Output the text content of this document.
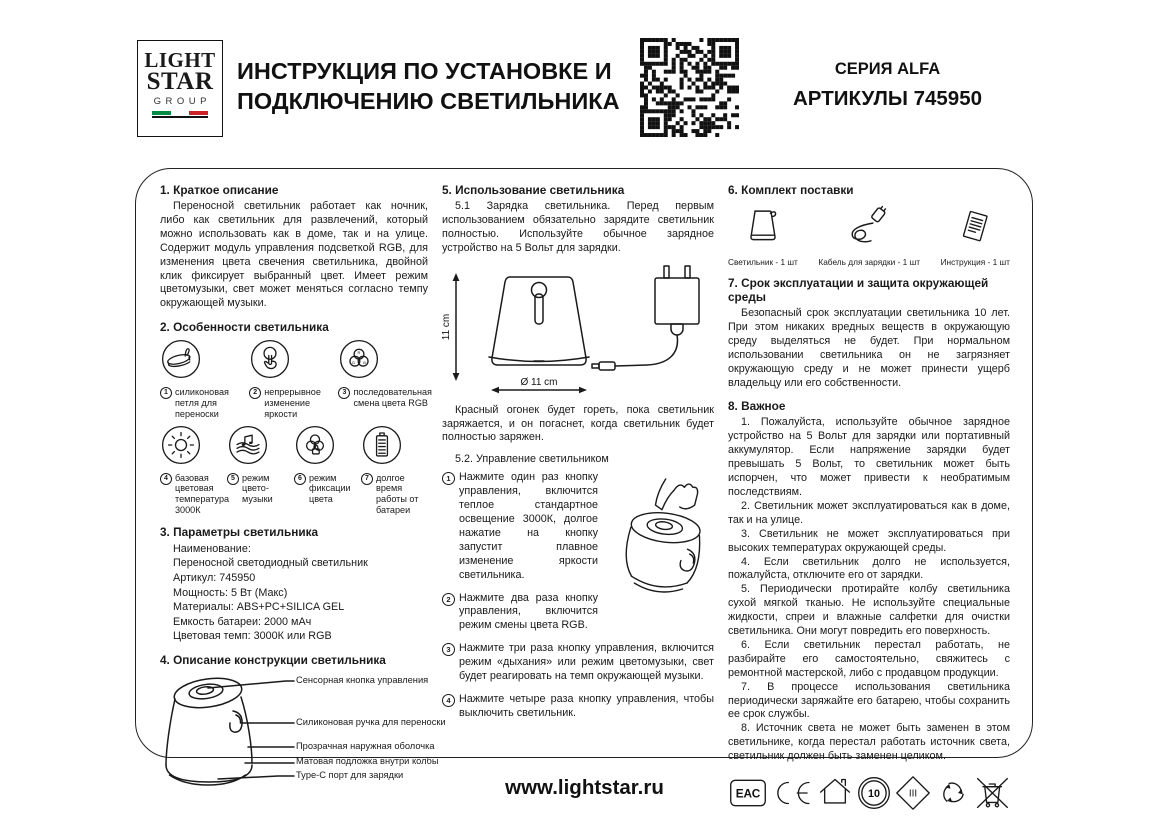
LIGHT
STAR
GROUP
ИНСТРУКЦИЯ ПО УСТАНОВКЕ И
ПОДКЛЮЧЕНИЮ СВЕТИЛЬНИКА
СЕРИЯ ALFA
АРТИКУЛЫ 745950
1. Краткое описание
Переносной светильник работает как ночник, либо как светильник для развлечений, который можно использовать как в доме, так и на улице. Содержит модуль управления подсветкой RGB, для изменения цвета свечения светильника, двойной клик фиксирует выбранный цвет. Имеет режим цветомузыки, свет может меняться согласно темпу окружающей музыки.
2. Особенности светильника
1 силиконовая петля для переноски
2 непрерывное изменение яркости
R
G B
3 последовательная смена цвета RGB
4 базовая цветовая температура 3000К
5 режим цвето-музыки
6 режим фиксации цвета
7 долгое время работы от батареи
3. Параметры светильника
Наименование:
Переносной светодиодный светильник
Артикул: 745950
Мощность: 5 Вт (Макс)
Материалы: ABS+PC+SILICA GEL
Емкость батареи: 2000 мАч
Цветовая темп: 3000К или RGB
4. Описание конструкции светильника
Сенсорная кнопка управления
Силиконовая ручка для переноски
Прозрачная наружная оболочка
Матовая подложка внутри колбы
Type-C порт для зарядки
5. Использование светильника
5.1 Зарядка светильника. Перед первым использованием обязательно зарядите светильник полностью. Используйте обычное зарядное устройство на 5 Вольт для зарядки.
11 cm
Ø 11 cm
Красный огонек будет гореть, пока светильник заряжается, и он погаснет, когда светильник будет полностью заряжен.
5.2. Управление светильником
1 Нажмите один раз кнопку управления, включится теплое стандартное освещение 3000К, долгое нажатие на кнопку запустит плавное изменение яркости светильника.
2 Нажмите два раза кнопку управления, включится режим смены цвета RGB.
3 Нажмите три раза кнопку управления, включится режим «дыхания» или режим цветомузыки, свет будет реагировать на темп окружающей музыки.
4 Нажмите четыре раза кнопку управления, чтобы выключить светильник.
6. Комплект поставки
Светильник - 1 шт Кабель для зарядки - 1 шт Инструкция - 1 шт
7. Срок эксплуатации и защита окружающей среды
Безопасный срок эксплуатации светильника 10 лет. При этом никаких вредных веществ в окружающую среду выделяться не будет. При нормальном использовании светильника он не загрязняет окружающую среду и не может принести ущерб владельцу или его собственности.
8. Важное
1. Пожалуйста, используйте обычное зарядное устройство на 5 Вольт для зарядки или портативный аккумулятор. Если напряжение зарядки будет превышать 5 Вольт, то светильник может быть испорчен, что может привести к необратимым последствиям.
2. Светильник может эксплуатироваться как в доме, так и на улице.
3. Светильник не может эксплуатироваться при высоких температурах окружающей среды.
4. Если светильник долго не используется, пожалуйста, отключите его от зарядки.
5. Периодически протирайте колбу светильника сухой мягкой тканью. Не используйте специальные жидкости, спреи и влажные салфетки для очистки светильника. Они могут повредить его поверхность.
6. Если светильник перестал работать, не разбирайте его самостоятельно, свяжитесь с ремонтной мастерской, либо с продавцом продукции.
7. В процессе использования светильника периодически заряжайте его батарею, чтобы сохранить ее срок службы.
8. Источник света не может быть заменен в этом светильнике, когда перестал работать источник света, светильник должен быть заменен целиком.
ЕАС	10	III
www.lightstar.ru
